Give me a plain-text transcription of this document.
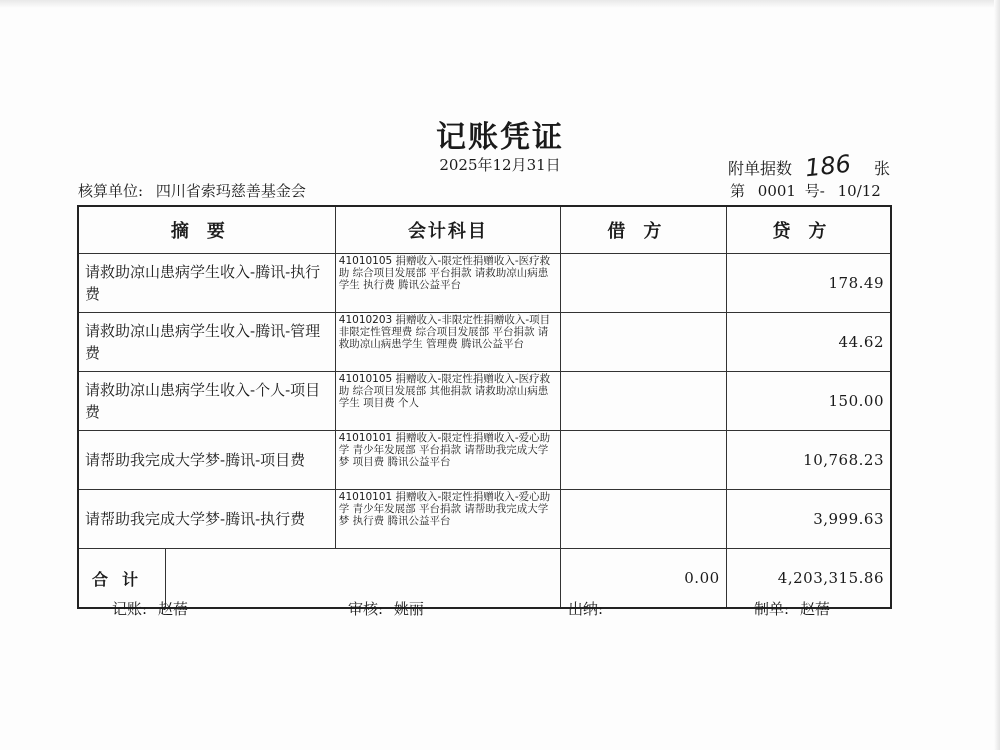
记账凭证
2025年12月31日	附单据数 186	张
核算单位: 四川省索玛慈善基金会	第 0001 号- 10/12
摘要	会计科目	借方	贷方
请救助凉山患病学生收入-腾讯-执行费	41010105 捐赠收入-限定性捐赠收入-医疗救助 综合项目发展部 平台捐款 请救助凉山病患学生 执行费 腾讯公益平台		178.49
请救助凉山患病学生收入-腾讯-管理费	41010203 捐赠收入-非限定性捐赠收入-项目非限定性管理费 综合项目发展部 平台捐款 请救助凉山病患学生 管理费 腾讯公益平台		44.62
请救助凉山患病学生收入-个人-项目费	41010105 捐赠收入-限定性捐赠收入-医疗救助 综合项目发展部 其他捐款 请救助凉山病患学生 项目费 个人		150.00
请帮助我完成大学梦-腾讯-项目费	41010101 捐赠收入-限定性捐赠收入-爱心助学 青少年发展部 平台捐款 请帮助我完成大学梦 项目费 腾讯公益平台		10,768.23
请帮助我完成大学梦-腾讯-执行费	41010101 捐赠收入-限定性捐赠收入-爱心助学 青少年发展部 平台捐款 请帮助我完成大学梦 执行费 腾讯公益平台		3,999.63

合计		0.00	4,203,315.86
记账: 赵蓓	审核: 姚丽	出纳:	制单: 赵蓓
